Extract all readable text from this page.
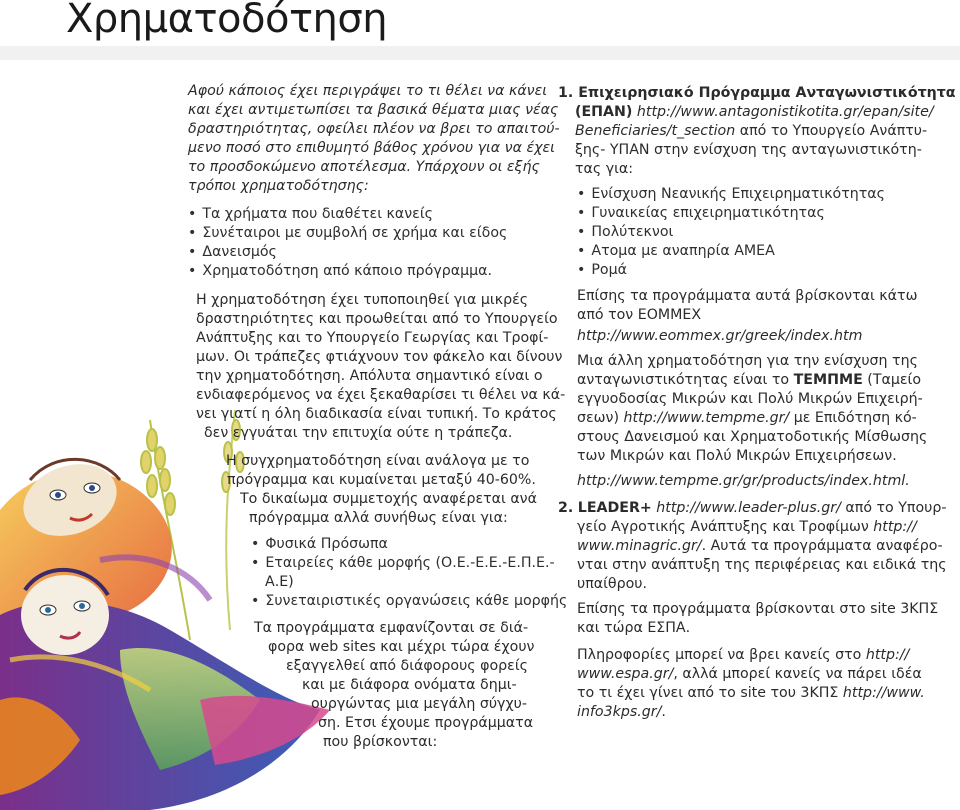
Χρηματοδότηση
Αφού κάποιος έχει περιγράψει το τι θέλει να κάνει
και έχει αντιμετωπίσει τα βασικά θέματα μιας νέας
δραστηριότητας, οφείλει πλέον να βρει το απαιτού-
μενο ποσό στο επιθυμητό βάθος χρόνου για να έχει
το προσδοκώμενο αποτέλεσμα. Υπάρχουν οι εξής
τρόποι χρηματοδότησης:
• Τα χρήματα που διαθέτει κανείς
• Συνέταιροι με συμβολή σε χρήμα και είδος
• Δανεισμός
• Χρηματοδότηση από κάποιο πρόγραμμα.
Η χρηματοδότηση έχει τυποποιηθεί για μικρές
δραστηριότητες και προωθείται από το Υπουργείο
Ανάπτυξης και το Υπουργείο Γεωργίας και Τροφί-
μων. Οι τράπεζες φτιάχνουν τον φάκελο και δίνουν
την χρηματοδότηση. Απόλυτα σημαντικό είναι ο
ενδιαφερόμενος να έχει ξεκαθαρίσει τι θέλει να κά-
νει γιατί η όλη διαδικασία είναι τυπική. Το κράτος
δεν εγγυάται την επιτυχία ούτε η τράπεζα.
Η συγχρηματοδότηση είναι ανάλογα με το
πρόγραμμα και κυμαίνεται μεταξύ 40-60%.
Το δικαίωμα συμμετοχής αναφέρεται ανά
πρόγραμμα αλλά συνήθως είναι για:
• Φυσικά Πρόσωπα
• Εταιρείες κάθε μορφής (Ο.Ε.-Ε.Ε.-Ε.Π.Ε.-
Α.Ε)
• Συνεταιριστικές οργανώσεις κάθε μορφής
Τα προγράμματα εμφανίζονται σε διά-
φορα web sites και μέχρι τώρα έχουν
εξαγγελθεί από διάφορους φορείς
και με διάφορα ονόματα δημι-
ουργώντας μια μεγάλη σύγχυ-
ση. Ετσι έχουμε προγράμματα
που βρίσκονται:
1. Επιχειρησιακό Πρόγραμμα Ανταγωνιστικότητα
(ΕΠΑΝ) http://www.antagonistikotita.gr/epan/site/
Beneficiaries/t_section από το Υπουργείο Ανάπτυ-
ξης- ΥΠΑΝ στην ενίσχυση της ανταγωνιστικότη-
τας για:
• Ενίσχυση Νεανικής Επιχειρηματικότητας
• Γυναικείας επιχειρηματικότητας
• Πολύτεκνοι
• Ατομα με αναπηρία ΑΜΕΑ
• Ρομά
Επίσης τα προγράμματα αυτά βρίσκονται κάτω
από τον ΕΟΜΜΕΧ
http://www.eommex.gr/greek/index.htm
Μια άλλη χρηματοδότηση για την ενίσχυση της
ανταγωνιστικότητας είναι το ΤΕΜΠΜΕ (Ταμείο
εγγυοδοσίας Μικρών και Πολύ Μικρών Επιχειρή-
σεων) http://www.tempme.gr/ με Επιδότηση κό-
στους Δανεισμού και Χρηματοδοτικής Μίσθωσης
των Μικρών και Πολύ Μικρών Επιχειρήσεων.
http://www.tempme.gr/gr/products/index.html.
2. LEADER+ http://www.leader-plus.gr/ από το Υπουρ-
γείο Αγροτικής Ανάπτυξης και Τροφίμων http://
www.minagric.gr/. Αυτά τα προγράμματα αναφέρο-
νται στην ανάπτυξη της περιφέρειας και ειδικά της
υπαίθρου.
Επίσης τα προγράμματα βρίσκονται στο site 3ΚΠΣ
και τώρα ΕΣΠΑ.
Πληροφορίες μπορεί να βρει κανείς στο http://
www.espa.gr/, αλλά μπορεί κανείς να πάρει ιδέα
το τι έχει γίνει από το site του 3ΚΠΣ http://www.
info3kps.gr/.
